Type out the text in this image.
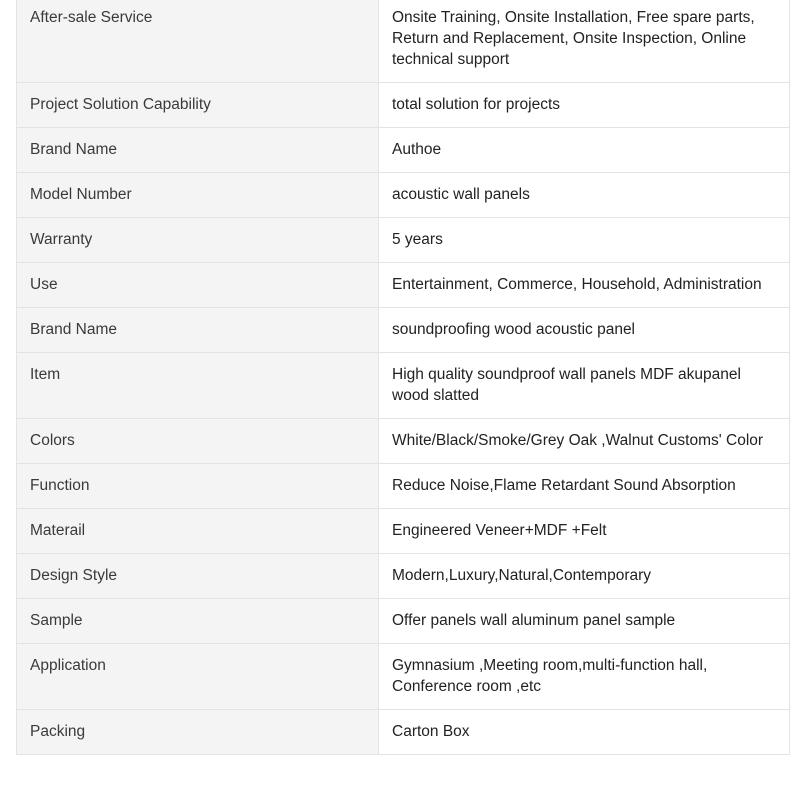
After-sale Service	Onsite Training, Onsite Installation, Free spare parts, Return and Replacement, Onsite Inspection, Online technical support
Project Solution Capability	total solution for projects
Brand Name	Authoe
Model Number	acoustic wall panels
Warranty	5 years
Use	Entertainment, Commerce, Household, Administration
Brand Name	soundproofing wood acoustic panel
Item	High quality soundproof wall panels MDF akupanel wood slatted
Colors	White/Black/Smoke/Grey Oak ,Walnut Customs' Color
Function	Reduce Noise,Flame Retardant Sound Absorption
Materail	Engineered Veneer+MDF +Felt
Design Style	Modern,Luxury,Natural,Contemporary
Sample	Offer panels wall aluminum panel sample
Application	Gymnasium ,Meeting room,multi-function hall, Conference room ,etc
Packing	Carton Box
